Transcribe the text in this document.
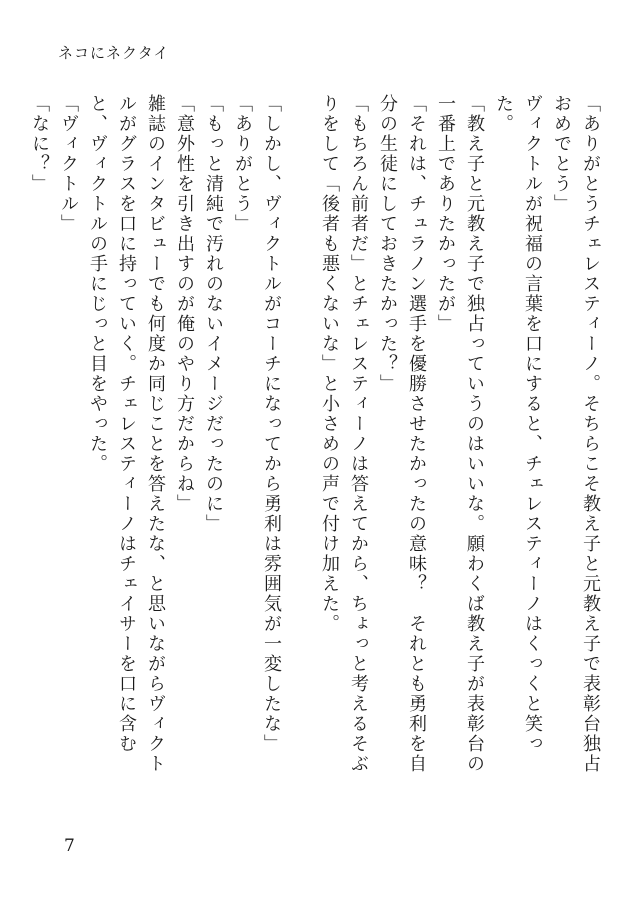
ネコにネクタイ
「ありがとうチェレスティーノ。そちらこそ教え子と元教え子で表彰台独占おめでとう」
ヴィクトルが祝福の言葉を口にすると、チェレスティーノはくっくと笑った。
「教え子と元教え子で独占っていうのはいいな。願わくば教え子が表彰台の一番上でありたかったが」
「それは、チュラノン選手を優勝させたかったの意味？　それとも勇利を自分の生徒にしておきたかった？」
「もちろん前者だ」とチェレスティーノは答えてから、ちょっと考えるそぶりをして「後者も悪くないな」と小さめの声で付け加えた。

「しかし、ヴィクトルがコーチになってから勇利は雰囲気が一変したな」
「ありがとう」
「もっと清純で汚れのないイメージだったのに」
「意外性を引き出すのが俺のやり方だからね」
雑誌のインタビューでも何度か同じことを答えたな、と思いながらヴィクトルがグラスを口に持っていく。チェレスティーノはチェイサーを口に含むと、ヴィクトルの手にじっと目をやった。
「ヴィクトル」
「なに？」
7
